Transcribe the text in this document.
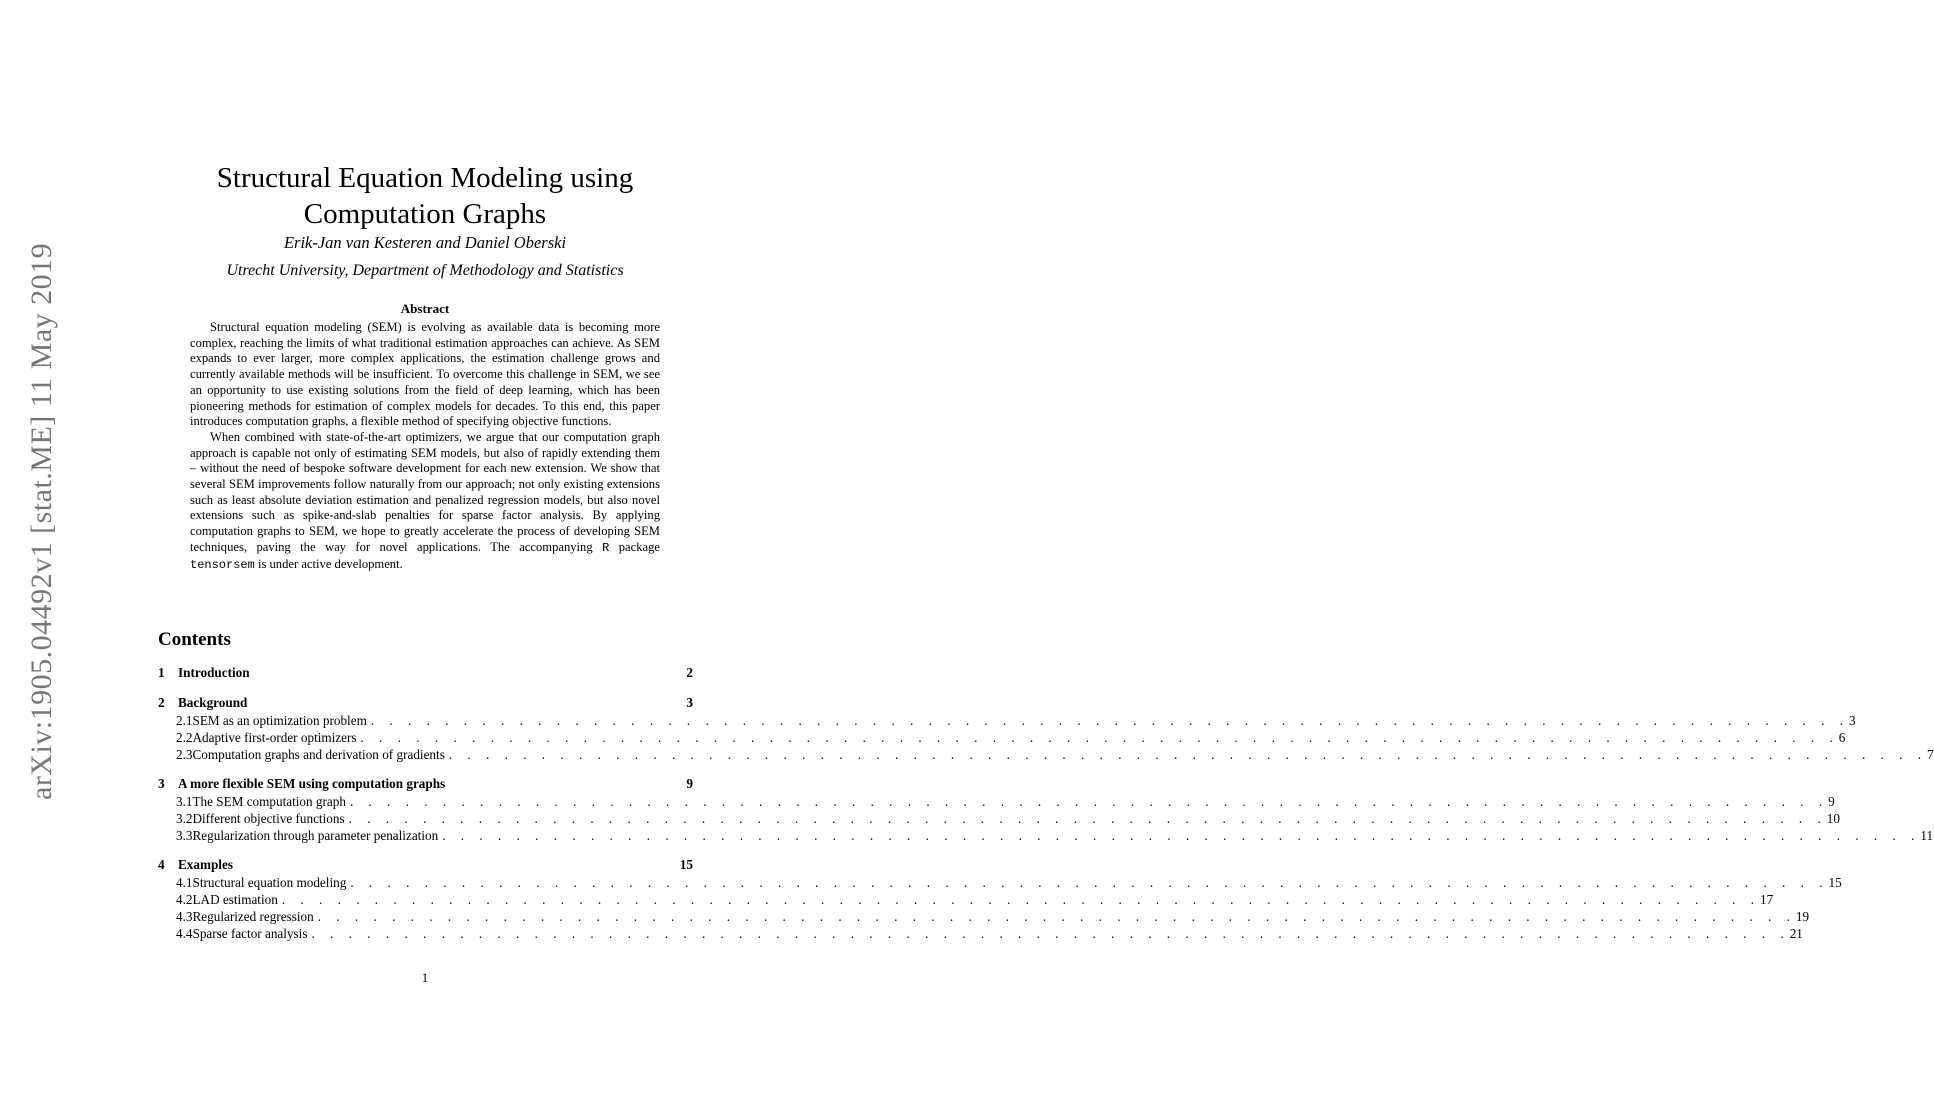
arXiv:1905.04492v1 [stat.ME] 11 May 2019
Structural Equation Modeling using
Computation Graphs
Erik-Jan van Kesteren and Daniel Oberski
Utrecht University, Department of Methodology and Statistics
Abstract

Structural equation modeling (SEM) is evolving as available data is becoming more complex, reaching the limits of what traditional estimation approaches can achieve. As SEM expands to ever larger, more complex applications, the estimation challenge grows and currently available methods will be insufficient. To overcome this challenge in SEM, we see an opportunity to use existing solutions from the field of deep learning, which has been pioneering methods for estimation of complex models for decades. To this end, this paper introduces computation graphs, a flexible method of specifying objective functions.

When combined with state-of-the-art optimizers, we argue that our computation graph approach is capable not only of estimating SEM models, but also of rapidly extending them – without the need of bespoke software development for each new extension. We show that several SEM improvements follow naturally from our approach; not only existing extensions such as least absolute deviation estimation and penalized regression models, but also novel extensions such as spike-and-slab penalties for sparse factor analysis. By applying computation graphs to SEM, we hope to greatly accelerate the process of developing SEM techniques, paving the way for novel applications. The accompanying R package tensorsem is under active development.

Contents
1	Introduction	2
2	Background	3
2.1 SEM as an optimization problem . . . . . . . . . . . . . . . . . . . . . . . . . . . . . . . . . . . . . . . . . . . . . . . . . . . . . . . . . . . . . . . . . . . . . . . . . . . . . . . . 3
2.2 Adaptive first-order optimizers . . . . . . . . . . . . . . . . . . . . . . . . . . . . . . . . . . . . . . . . . . . . . . . . . . . . . . . . . . . . . . . . . . . . . . . . . . . . . . . . 6
2.3 Computation graphs and derivation of gradients . . . . . . . . . . . . . . . . . . . . . . . . . . . . . . . . . . . . . . . . . . . . . . . . . . . . . . . . . . . . . . . . . . . . . . . . . . . . . . . . 7
3	A more flexible SEM using computation graphs	9
3.1 The SEM computation graph . . . . . . . . . . . . . . . . . . . . . . . . . . . . . . . . . . . . . . . . . . . . . . . . . . . . . . . . . . . . . . . . . . . . . . . . . . . . . . . . 9
3.2 Different objective functions . . . . . . . . . . . . . . . . . . . . . . . . . . . . . . . . . . . . . . . . . . . . . . . . . . . . . . . . . . . . . . . . . . . . . . . . . . . . . . . . 10
3.3 Regularization through parameter penalization . . . . . . . . . . . . . . . . . . . . . . . . . . . . . . . . . . . . . . . . . . . . . . . . . . . . . . . . . . . . . . . . . . . . . . . . . . . . . . . . 11
4	Examples	15
4.1 Structural equation modeling . . . . . . . . . . . . . . . . . . . . . . . . . . . . . . . . . . . . . . . . . . . . . . . . . . . . . . . . . . . . . . . . . . . . . . . . . . . . . . . . 15
4.2 LAD estimation . . . . . . . . . . . . . . . . . . . . . . . . . . . . . . . . . . . . . . . . . . . . . . . . . . . . . . . . . . . . . . . . . . . . . . . . . . . . . . . . 17
4.3 Regularized regression . . . . . . . . . . . . . . . . . . . . . . . . . . . . . . . . . . . . . . . . . . . . . . . . . . . . . . . . . . . . . . . . . . . . . . . . . . . . . . . . 19
4.4 Sparse factor analysis . . . . . . . . . . . . . . . . . . . . . . . . . . . . . . . . . . . . . . . . . . . . . . . . . . . . . . . . . . . . . . . . . . . . . . . . . . . . . . . . 21
1
